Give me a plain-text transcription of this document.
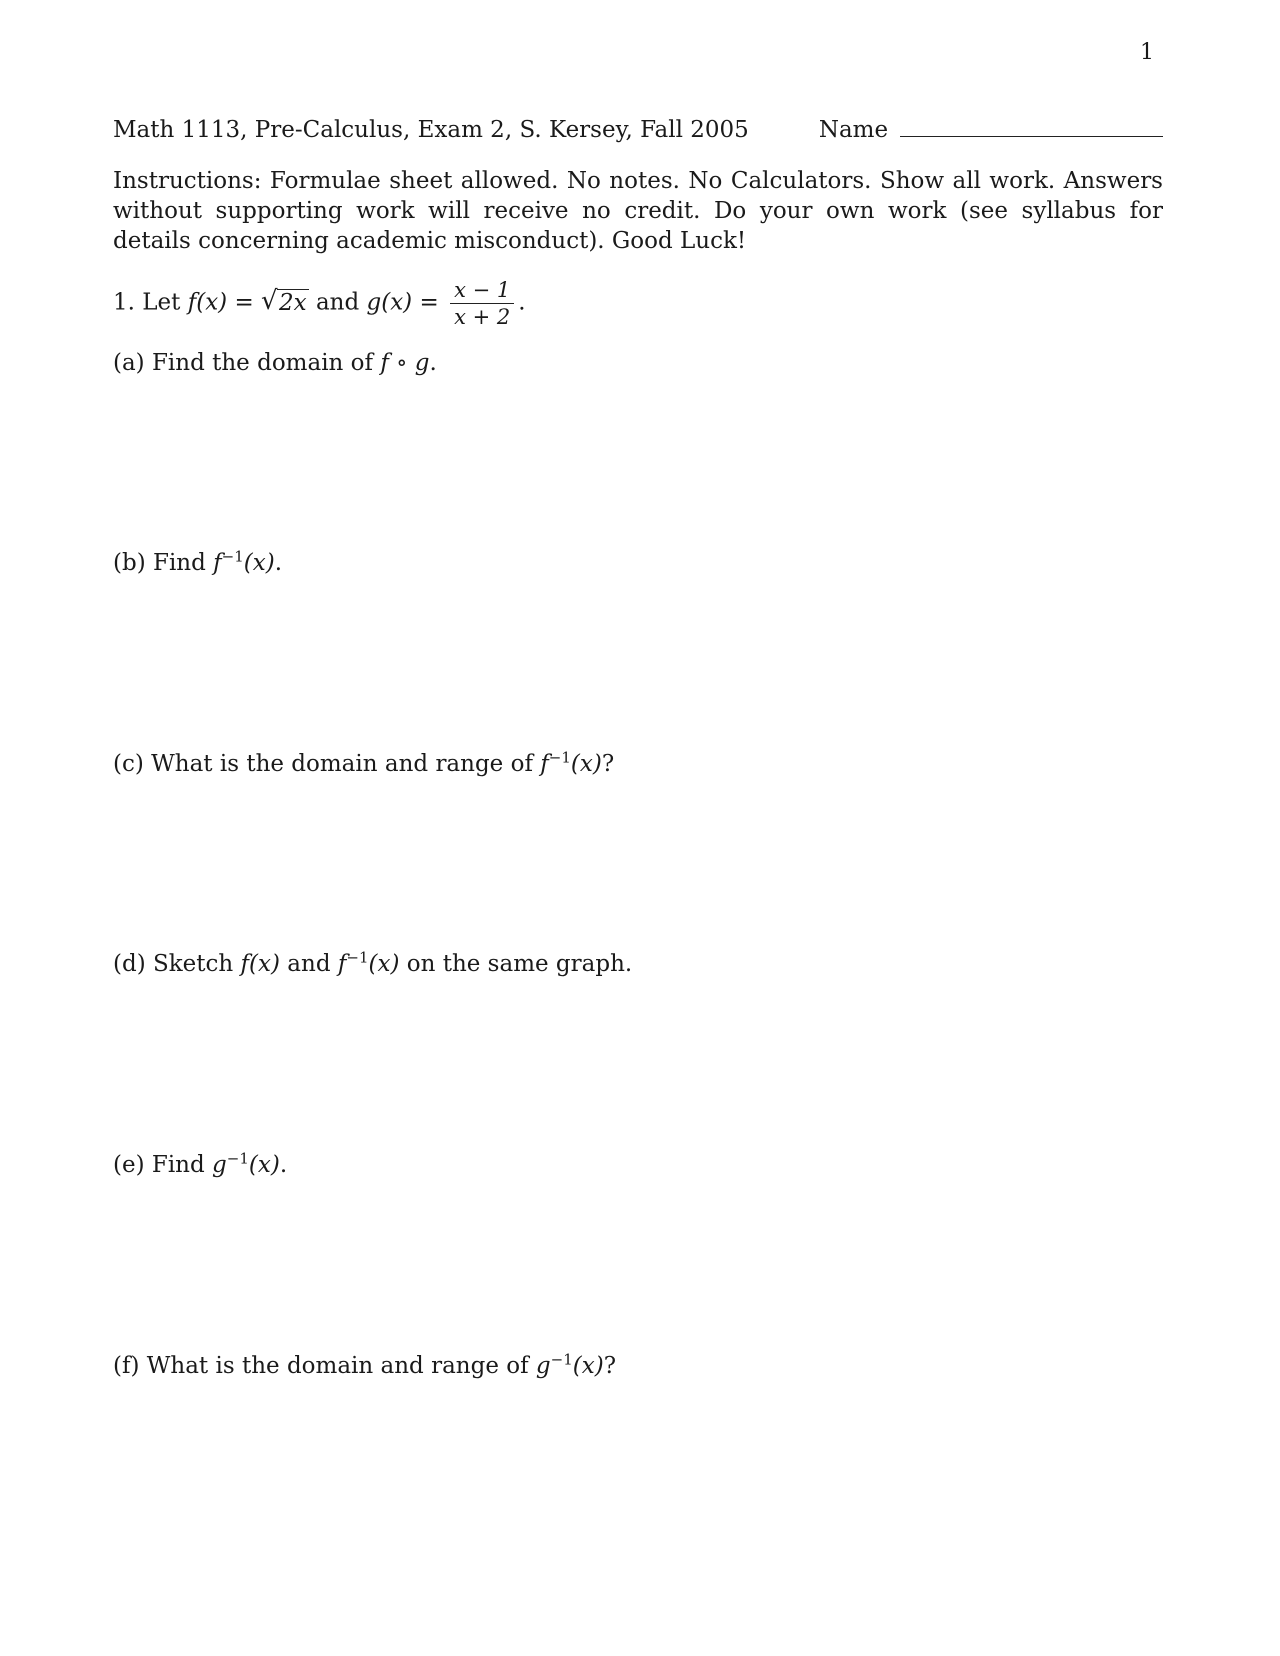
1
Math 1113, Pre-Calculus, Exam 2, S. Kersey, Fall 2005	Name
Instructions: Formulae sheet allowed. No notes. No Calculators. Show all work. Answers without supporting work will receive no credit. Do your own work (see syllabus for details concerning academic misconduct). Good Luck!
1. Let f(x) = √ 2x and $g(x) = \frac{x - 1}{x + 2}$ .
(a) Find the domain of f ∘ g.
(b) Find $f^{-1}(x)$.
(c) What is the domain and range of $f^{-1}(x)$?
(d) Sketch f(x) and $f^{-1}(x)$ on the same graph.
(e) Find $g^{-1}(x)$.
(f) What is the domain and range of $g^{-1}(x)$?
